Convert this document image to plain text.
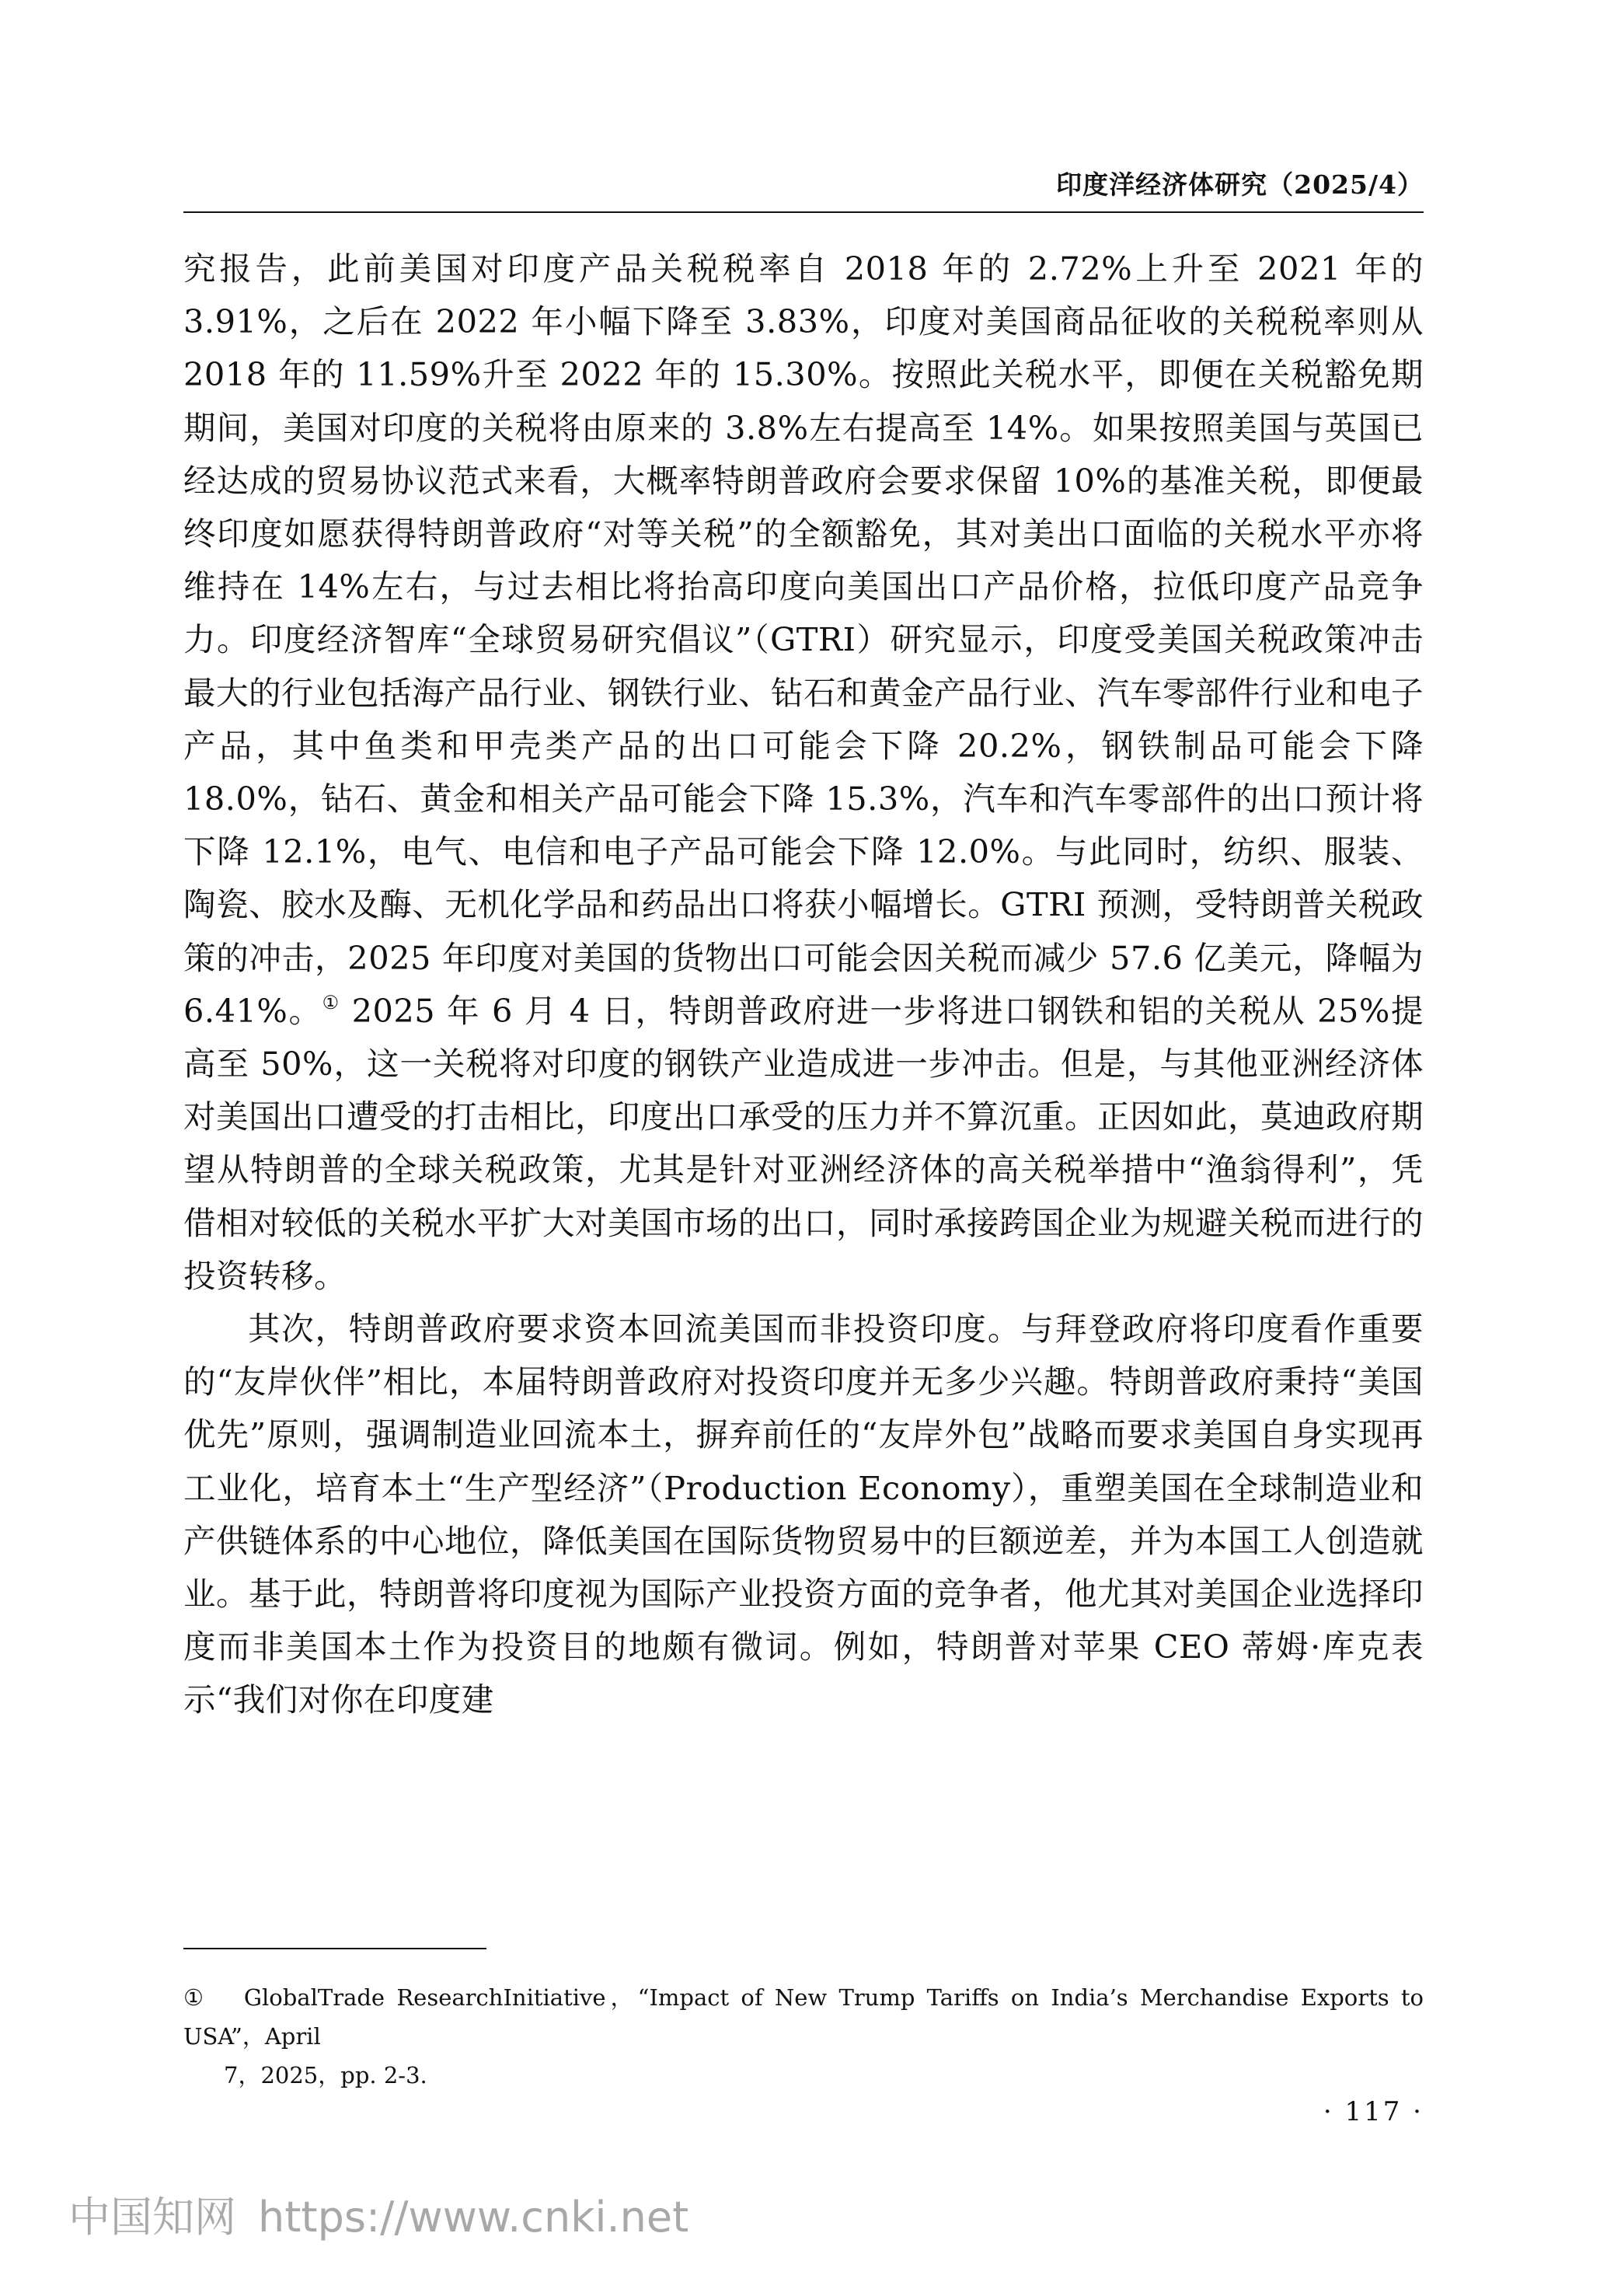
印度洋经济体研究（2025/4）

究报告，此前美国对印度产品关税税率自 2018 年的 2.72%上升至 2021 年的 3.91%，之后在 2022 年小幅下降至 3.83%，印度对美国商品征收的关税税率则从 2018 年的 11.59%升至 2022 年的 15.30%。按照此关税水平，即便在关税豁免期期间，美国对印度的关税将由原来的 3.8%左右提高至 14%。如果按照美国与英国已经达成的贸易协议范式来看，大概率特朗普政府会要求保留 10%的基准关税，即便最终印度如愿获得特朗普政府“对等关税”的全额豁免，其对美出口面临的关税水平亦将维持在 14%左右，与过去相比将抬高印度向美国出口产品价格，拉低印度产品竞争力。印度经济智库“全球贸易研究倡议”（GTRI）研究显示，印度受美国关税政策冲击最大的行业包括海产品行业、钢铁行业、钻石和黄金产品行业、汽车零部件行业和电子产品，其中鱼类和甲壳类产品的出口可能会下降 20.2%，钢铁制品可能会下降 18.0%，钻石、黄金和相关产品可能会下降 15.3%，汽车和汽车零部件的出口预计将下降 12.1%，电气、电信和电子产品可能会下降 12.0%。与此同时，纺织、服装、陶瓷、胶水及酶、无机化学品和药品出口将获小幅增长。GTRI 预测，受特朗普关税政策的冲击，2025 年印度对美国的货物出口可能会因关税而减少 57.6 亿美元，降幅为 6.41%。① 2025 年 6 月 4 日，特朗普政府进一步将进口钢铁和铝的关税从 25%提高至 50%，这一关税将对印度的钢铁产业造成进一步冲击。但是，与其他亚洲经济体对美国出口遭受的打击相比，印度出口承受的压力并不算沉重。正因如此，莫迪政府期望从特朗普的全球关税政策，尤其是针对亚洲经济体的高关税举措中“渔翁得利”，凭借相对较低的关税水平扩大对美国市场的出口，同时承接跨国企业为规避关税而进行的投资转移。

其次，特朗普政府要求资本回流美国而非投资印度。与拜登政府将印度看作重要的“友岸伙伴”相比，本届特朗普政府对投资印度并无多少兴趣。特朗普政府秉持“美国优先”原则，强调制造业回流本土，摒弃前任的“友岸外包”战略而要求美国自身实现再工业化，培育本土“生产型经济”（Production Economy），重塑美国在全球制造业和产供链体系的中心地位，降低美国在国际货物贸易中的巨额逆差，并为本国工人创造就业。基于此，特朗普将印度视为国际产业投资方面的竞争者，他尤其对美国企业选择印度而非美国本土作为投资目的地颇有微词。例如，特朗普对苹果 CEO 蒂姆·库克表示“我们对你在印度建

① GlobalTrade ResearchInitiative，“Impact of New Trump Tariffs on India’s Merchandise Exports to USA”，April
7，2025，pp. 2-3.
· 117 ·
中国知网 https://www.cnki.net
